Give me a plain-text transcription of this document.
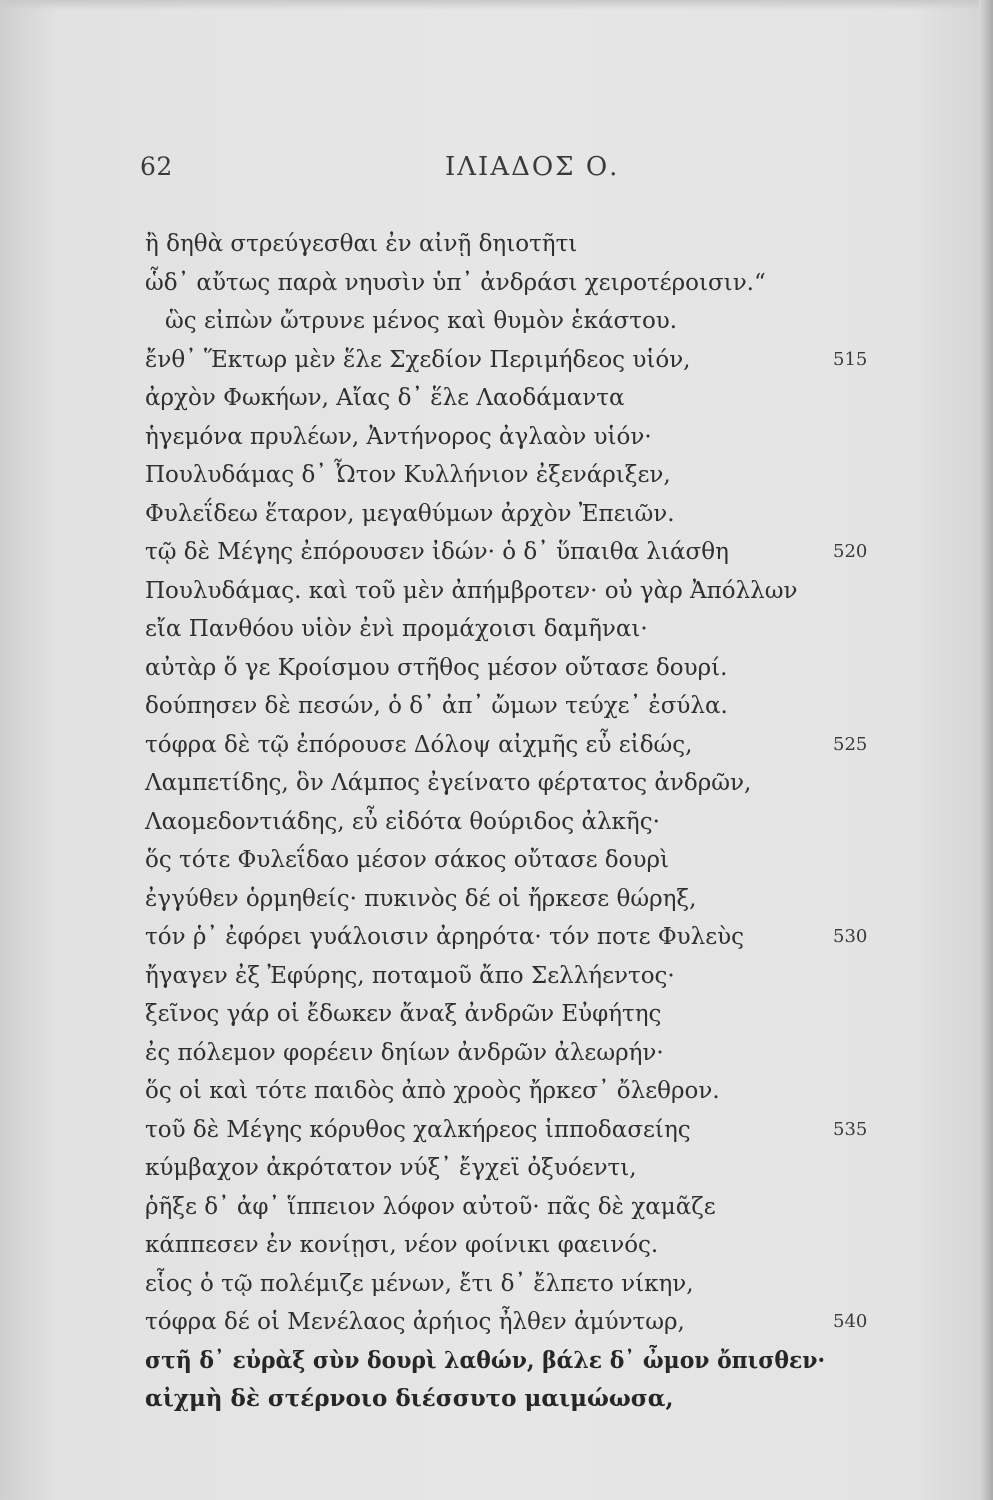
62	ΙΛΙΑΔΟΣ Ο.
ἢ δηθὰ στρεύγεσθαι ἐν αἰνῇ δηιοτῆτι
ὧδ᾽ αὔτως παρὰ νηυσὶν ὑπ᾽ ἀνδράσι χειροτέροισιν.“
ὣς εἰπὼν ὤτρυνε μένος καὶ θυμὸν ἑκάστου.
ἔνθ᾽ Ἕκτωρ μὲν ἕλε Σχεδίον Περιμήδεος υἱόν,	515
ἀρχὸν Φωκήων, Αἴας δ᾽ ἕλε Λαοδάμαντα
ἡγεμόνα πρυλέων, Ἀντήνορος ἀγλαὸν υἱόν·
Πουλυδάμας δ᾽ Ὦτον Κυλλήνιον ἐξενάριξεν,
Φυλεΐδεω ἕταρον, μεγαθύμων ἀρχὸν Ἐπειῶν.
τῷ δὲ Μέγης ἐπόρουσεν ἰδών· ὁ δ᾽ ὕπαιθα λιάσθη	520
Πουλυδάμας. καὶ τοῦ μὲν ἀπήμβροτεν· οὐ γὰρ Ἀπόλλων
εἴα Πανθόου υἱὸν ἐνὶ προμάχοισι δαμῆναι·
αὐτὰρ ὅ γε Κροίσμου στῆθος μέσον οὔτασε δουρί.
δούπησεν δὲ πεσών, ὁ δ᾽ ἀπ᾽ ὤμων τεύχε᾽ ἐσύλα.
τόφρα δὲ τῷ ἐπόρουσε Δόλοψ αἰχμῆς εὖ εἰδώς,	525
Λαμπετίδης, ὃν Λάμπος ἐγείνατο φέρτατος ἀνδρῶν,
Λαομεδοντιάδης, εὖ εἰδότα θούριδος ἀλκῆς·
ὅς τότε Φυλεΐδαο μέσον σάκος οὔτασε δουρὶ
ἐγγύθεν ὁρμηθείς· πυκινὸς δέ οἱ ἤρκεσε θώρηξ,
τόν ῥ᾽ ἐφόρει γυάλοισιν ἀρηρότα· τόν ποτε Φυλεὺς	530
ἤγαγεν ἐξ Ἐφύρης, ποταμοῦ ἄπο Σελλήεντος·
ξεῖνος γάρ οἱ ἔδωκεν ἄναξ ἀνδρῶν Εὐφήτης
ἐς πόλεμον φορέειν δηίων ἀνδρῶν ἀλεωρήν·
ὅς οἱ καὶ τότε παιδὸς ἀπὸ χροὸς ἤρκεσ᾽ ὄλεθρον.
τοῦ δὲ Μέγης κόρυθος χαλκήρεος ἱπποδασείης	535
κύμβαχον ἀκρότατον νύξ᾽ ἔγχεϊ ὀξυόεντι,
ῥῆξε δ᾽ ἀφ᾽ ἵππειον λόφον αὐτοῦ· πᾶς δὲ χαμᾶζε
κάππεσεν ἐν κονίῃσι, νέον φοίνικι φαεινός.
εἷος ὁ τῷ πολέμιζε μένων, ἔτι δ᾽ ἔλπετο νίκην,
τόφρα δέ οἱ Μενέλαος ἀρήιος ἦλθεν ἀμύντωρ,	540
στῆ δ᾽ εὐρὰξ σὺν δουρὶ λαθών, βάλε δ᾽ ὦμον ὄπισθεν·
αἰχμὴ δὲ στέρνοιο διέσσυτο μαιμώωσα,
